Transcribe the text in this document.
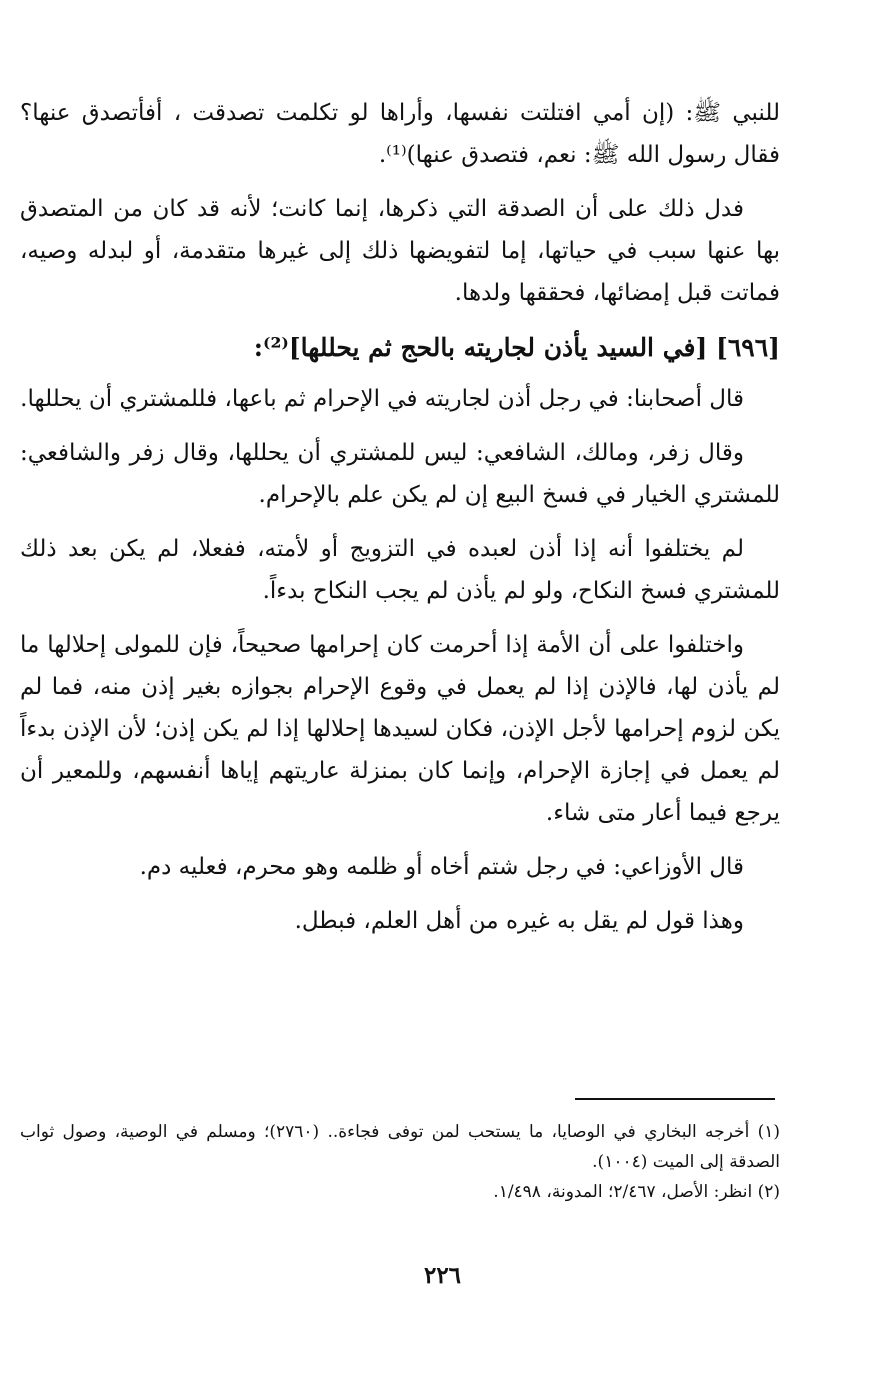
للنبي ﷺ: (إن أمي افتلتت نفسها، وأراها لو تكلمت تصدقت ، أفأتصدق عنها؟ فقال رسول الله ﷺ: نعم، فتصدق عنها)⁽¹⁾.

فدل ذلك على أن الصدقة التي ذكرها، إنما كانت؛ لأنه قد كان من المتصدق بها عنها سبب في حياتها، إما لتفويضها ذلك إلى غيرها متقدمة، أو لبدله وصيه، فماتت قبل إمضائها، فحققها ولدها.

[٦٩٦] [في السيد يأذن لجاريته بالحج ثم يحللها]⁽²⁾:

قال أصحابنا: في رجل أذن لجاريته في الإحرام ثم باعها، فللمشتري أن يحللها.

وقال زفر، ومالك، الشافعي: ليس للمشتري أن يحللها، وقال زفر والشافعي: للمشتري الخيار في فسخ البيع إن لم يكن علم بالإحرام.

لم يختلفوا أنه إذا أذن لعبده في التزويج أو لأمته، ففعلا، لم يكن بعد ذلك للمشتري فسخ النكاح، ولو لم يأذن لم يجب النكاح بدءاً.

واختلفوا على أن الأمة إذا أحرمت كان إحرامها صحيحاً، فإن للمولى إحلالها ما لم يأذن لها، فالإذن إذا لم يعمل في وقوع الإحرام بجوازه بغير إذن منه، فما لم يكن لزوم إحرامها لأجل الإذن، فكان لسيدها إحلالها إذا لم يكن إذن؛ لأن الإذن بدءاً لم يعمل في إجازة الإحرام، وإنما كان بمنزلة عاريتهم إياها أنفسهم، وللمعير أن يرجع فيما أعار متى شاء.

قال الأوزاعي: في رجل شتم أخاه أو ظلمه وهو محرم، فعليه دم.

وهذا قول لم يقل به غيره من أهل العلم، فبطل.

(١) أخرجه البخاري في الوصايا، ما يستحب لمن توفى فجاءة.. (٢٧٦٠)؛ ومسلم في الوصية، وصول ثواب الصدقة إلى الميت (١٠٠٤).

(٢) انظر: الأصل، ٢/٤٦٧؛ المدونة، ١/٤٩٨.

٢٢٦
